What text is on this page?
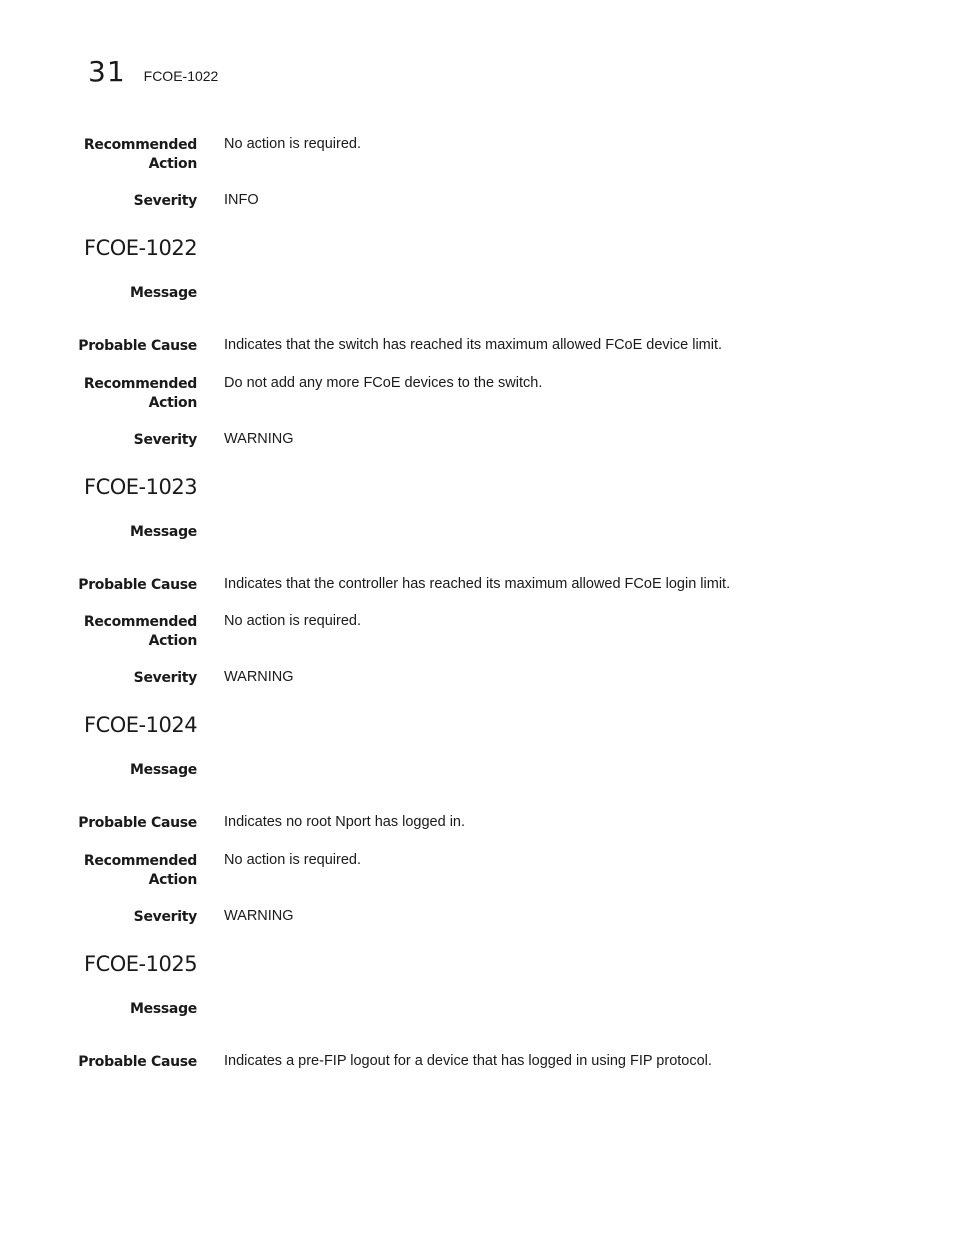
31 FCOE-1022
Recommended
Action
No action is required.
Severity INFO
FCOE-1022
Message
Probable Cause Indicates that the switch has reached its maximum allowed FCoE device limit.
Recommended
Action
Do not add any more FCoE devices to the switch.
Severity WARNING
FCOE-1023
Message
Probable Cause Indicates that the controller has reached its maximum allowed FCoE login limit.
Recommended
Action
No action is required.
Severity WARNING
FCOE-1024
Message
Probable Cause Indicates no root Nport has logged in.
Recommended
Action
No action is required.
Severity WARNING
FCOE-1025
Message
Probable Cause Indicates a pre-FIP logout for a device that has logged in using FIP protocol.
